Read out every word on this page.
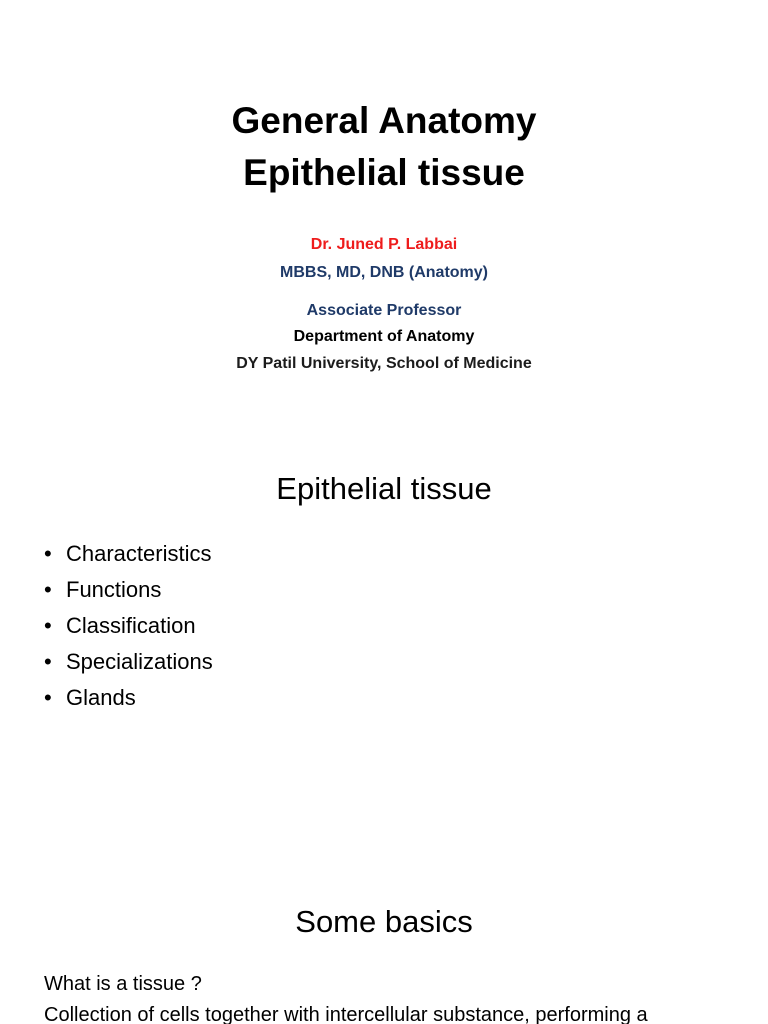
General Anatomy
Epithelial tissue
Dr. Juned P. Labbai
MBBS, MD, DNB (Anatomy)
Associate Professor
Department of Anatomy
DY Patil University, School of Medicine
Epithelial tissue
• Characteristics
• Functions
• Classification
• Specializations
• Glands
Some basics
What is a tissue ?
Collection of cells together with intercellular substance, performing a
